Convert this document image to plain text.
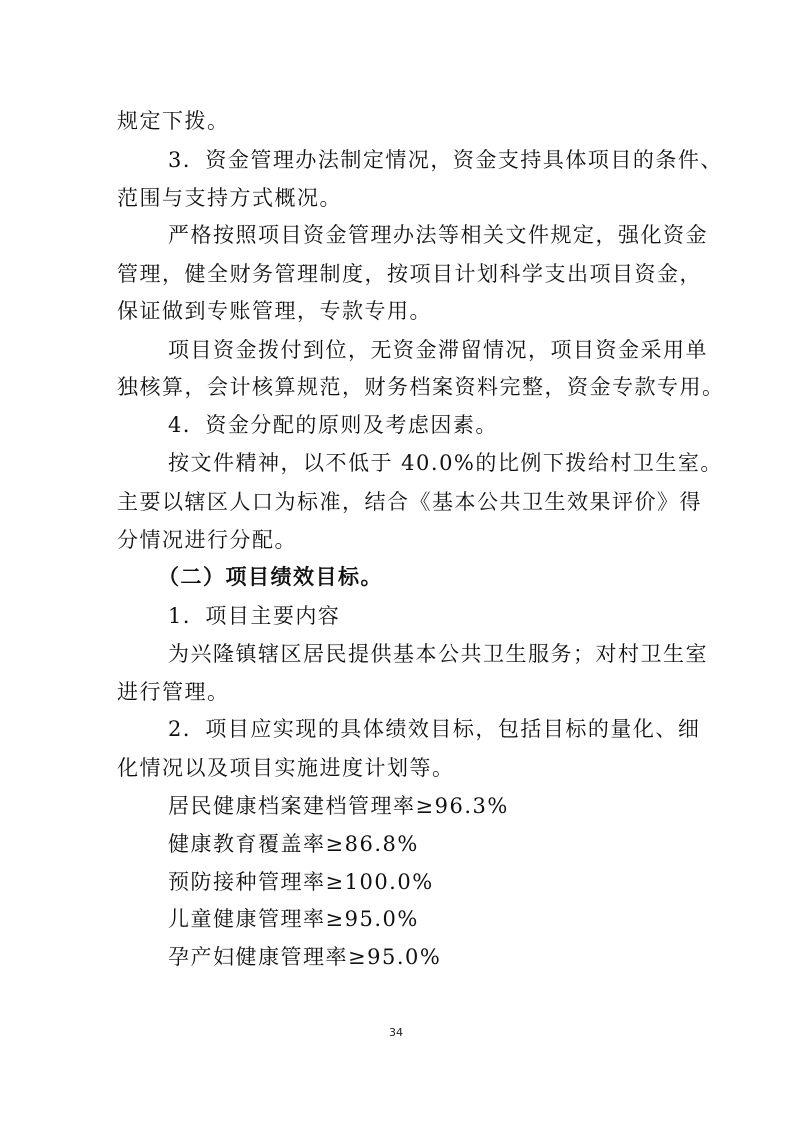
规定下拨。
3．资金管理办法制定情况，资金支持具体项目的条件、
范围与支持方式概况。
严格按照项目资金管理办法等相关文件规定，强化资金
管理，健全财务管理制度，按项目计划科学支出项目资金，
保证做到专账管理，专款专用。
项目资金拨付到位，无资金滞留情况，项目资金采用单
独核算，会计核算规范，财务档案资料完整，资金专款专用。
4．资金分配的原则及考虑因素。
按文件精神，以不低于 40.0%的比例下拨给村卫生室。
主要以辖区人口为标准，结合《基本公共卫生效果评价》得
分情况进行分配。
（二）项目绩效目标。
1．项目主要内容
为兴隆镇辖区居民提供基本公共卫生服务；对村卫生室
进行管理。
2．项目应实现的具体绩效目标，包括目标的量化、细
化情况以及项目实施进度计划等。
居民健康档案建档管理率≥96.3%
健康教育覆盖率≥86.8%
预防接种管理率≥100.0%
儿童健康管理率≥95.0%
孕产妇健康管理率≥95.0%
34
